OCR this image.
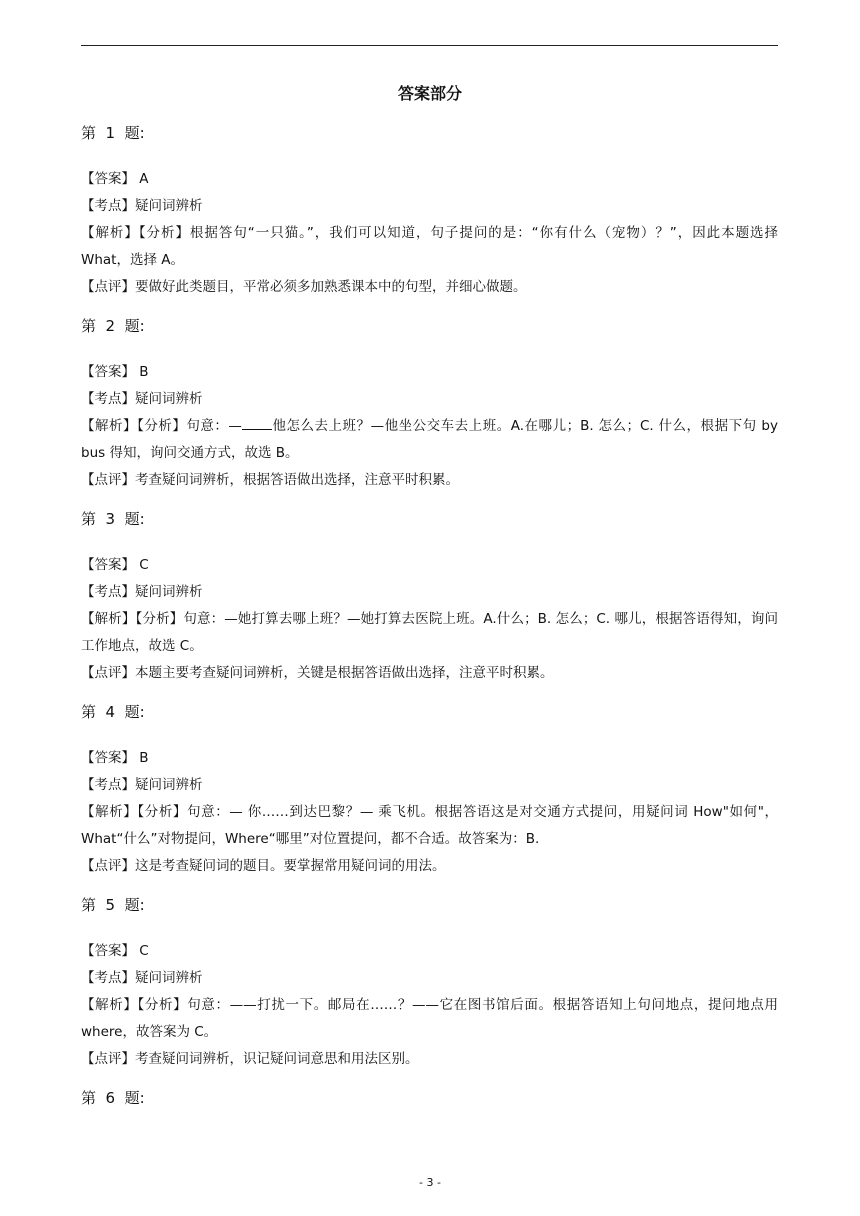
答案部分
第  1  题:

【答案】 A

【考点】疑问词辨析

【解析】【分析】根据答句“一只猫。”，我们可以知道，句子提问的是：“你有什么（宠物）？”，因此本题选择 What，选择 A。

【点评】要做好此类题目，平常必须多加熟悉课本中的句型，并细心做题。

第  2  题:

【答案】 B

【考点】疑问词辨析

【解析】【分析】句意：— 他怎么去上班？—他坐公交车去上班。A.在哪儿；B. 怎么；C. 什么，根据下句 by bus 得知，询问交通方式，故选 B。

【点评】考查疑问词辨析，根据答语做出选择，注意平时积累。

第  3  题:

【答案】 C

【考点】疑问词辨析

【解析】【分析】句意：—她打算去哪上班？—她打算去医院上班。A.什么；B. 怎么；C. 哪儿，根据答语得知，询问工作地点，故选 C。

【点评】本题主要考查疑问词辨析，关键是根据答语做出选择，注意平时积累。

第  4  题:

【答案】 B

【考点】疑问词辨析

【解析】【分析】句意：— 你……到达巴黎？— 乘飞机。根据答语这是对交通方式提问，用疑问词 How"如何"，What“什么”对物提问，Where“哪里”对位置提问，都不合适。故答案为：B.

【点评】这是考查疑问词的题目。要掌握常用疑问词的用法。

第  5  题:

【答案】 C

【考点】疑问词辨析

【解析】【分析】句意：——打扰一下。邮局在……？——它在图书馆后面。根据答语知上句问地点，提问地点用 where，故答案为 C。

【点评】考查疑问词辨析，识记疑问词意思和用法区别。

第  6  题:
- 3 -
